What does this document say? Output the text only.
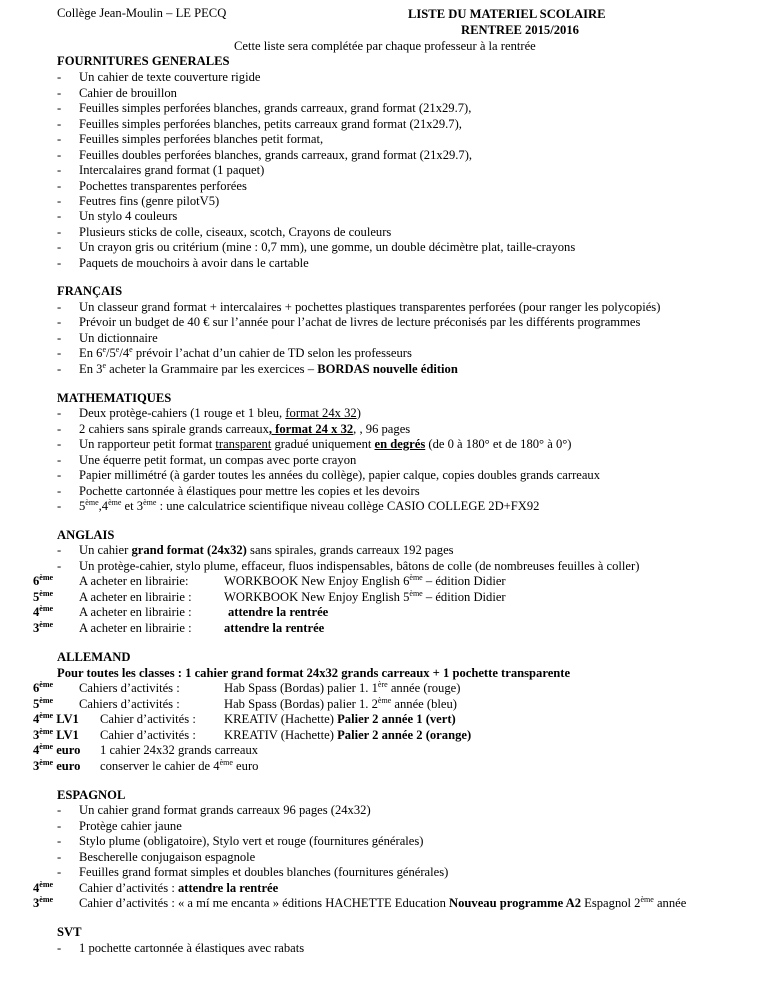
Collège Jean-Moulin – LE PECQ	LISTE DU MATERIEL SCOLAIRE
RENTREE 2015/2016
Cette liste sera complétée par chaque professeur à la rentrée
FOURNITURES GENERALES
- Un cahier de texte couverture rigide
- Cahier de brouillon
- Feuilles simples perforées blanches, grands carreaux, grand format (21x29.7),
- Feuilles simples perforées blanches, petits carreaux grand format (21x29.7),
- Feuilles simples perforées blanches petit format,
- Feuilles doubles perforées blanches, grands carreaux, grand format (21x29.7),
- Intercalaires grand format (1 paquet)
- Pochettes transparentes perforées
- Feutres fins (genre pilotV5)
- Un stylo 4 couleurs
- Plusieurs sticks de colle, ciseaux, scotch, Crayons de couleurs
- Un crayon gris ou critérium (mine : 0,7 mm), une gomme, un double décimètre plat, taille-crayons
- Paquets de mouchoirs à avoir dans le cartable
FRANÇAIS
- Un classeur grand format + intercalaires + pochettes plastiques transparentes perforées (pour ranger les polycopiés)
- Prévoir un budget de 40 € sur l’année pour l’achat de livres de lecture préconisés par les différents programmes
- Un dictionnaire
- En 6e/5e/4e prévoir l’achat d’un cahier de TD selon les professeurs
- En 3e acheter la Grammaire par les exercices – BORDAS nouvelle édition
MATHEMATIQUES
- Deux protège-cahiers (1 rouge et 1 bleu, format 24x 32)
- 2 cahiers sans spirale grands carreaux, format 24 x 32, , 96 pages
- Un rapporteur petit format transparent gradué uniquement en degrés (de 0 à 180° et de 180° à 0°)
- Une équerre petit format, un compas avec porte crayon
- Papier millimétré (à garder toutes les années du collège), papier calque, copies doubles grands carreaux
- Pochette cartonnée à élastiques pour mettre les copies et les devoirs
- 5ème,4ème et 3ème : une calculatrice scientifique niveau collège CASIO COLLEGE 2D+FX92
ANGLAIS
- Un cahier grand format (24x32) sans spirales, grands carreaux 192 pages
- Un protège-cahier, stylo plume, effaceur, fluos indispensables, bâtons de colle (de nombreuses feuilles à coller)
6ème A acheter en librairie:	WORKBOOK New Enjoy English 6ème – édition Didier
5ème A acheter en librairie :	WORKBOOK New Enjoy English 5ème – édition Didier
4ème A acheter en librairie :	attendre la rentrée
3ème A acheter en librairie :	attendre la rentrée
ALLEMAND
Pour toutes les classes : 1 cahier grand format 24x32 grands carreaux + 1 pochette transparente
6ème Cahiers d’activités :	Hab Spass (Bordas) palier 1. 1ère année (rouge)
5ème Cahiers d’activités :	Hab Spass (Bordas) palier 1. 2ème année (bleu)
4ème LV1 Cahier d’activités : KREATIV (Hachette) Palier 2 année 1 (vert)
3ème LV1 Cahier d’activités : KREATIV (Hachette) Palier 2 année 2 (orange)
4ème euro 1 cahier 24x32 grands carreaux
3ème euro conserver le cahier de 4ème euro
ESPAGNOL
- Un cahier grand format grands carreaux 96 pages (24x32)
- Protège cahier jaune
- Stylo plume (obligatoire), Stylo vert et rouge (fournitures générales)
- Bescherelle conjugaison espagnole
- Feuilles grand format simples et doubles blanches (fournitures générales)
4ème Cahier d’activités : attendre la rentrée
3ème Cahier d’activités : « a mí me encanta » éditions HACHETTE Education Nouveau programme A2 Espagnol 2ème année
SVT
- 1 pochette cartonnée à élastiques avec rabats
